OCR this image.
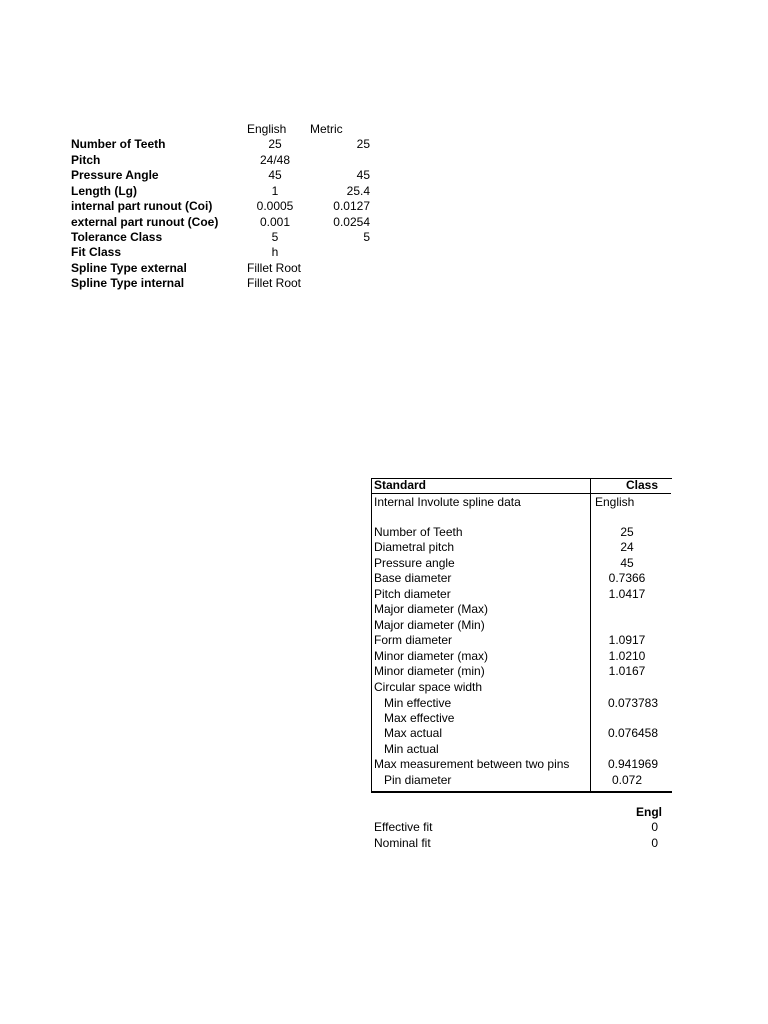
English Metric
Number of Teeth	25	25
Pitch	24/48
Pressure Angle	45	45
Length (Lg)	1	25.4
internal part runout (Coi)	0.0005	0.0127
external part runout (Coe)	0.001	0.0254
Tolerance Class	5	5
Fit Class	h
Spline Type external	Fillet Root
Spline Type internal	Fillet Root
Standard	Class
Internal Involute spline data	English
Number of Teeth	25
Diametral pitch	24
Pressure angle	45
Base diameter	0.7366
Pitch diameter	1.0417
Major diameter (Max)
Major diameter (Min)
Form diameter	1.0917
Minor diameter (max)	1.0210
Minor diameter (min)	1.0167
Circular space width
Min effective	0.073783
Max effective
Max actual	0.076458
Min actual
Max measurement between two pins	0.941969
Pin diameter	0.072
Engl
Effective fit	0
Nominal fit	0
